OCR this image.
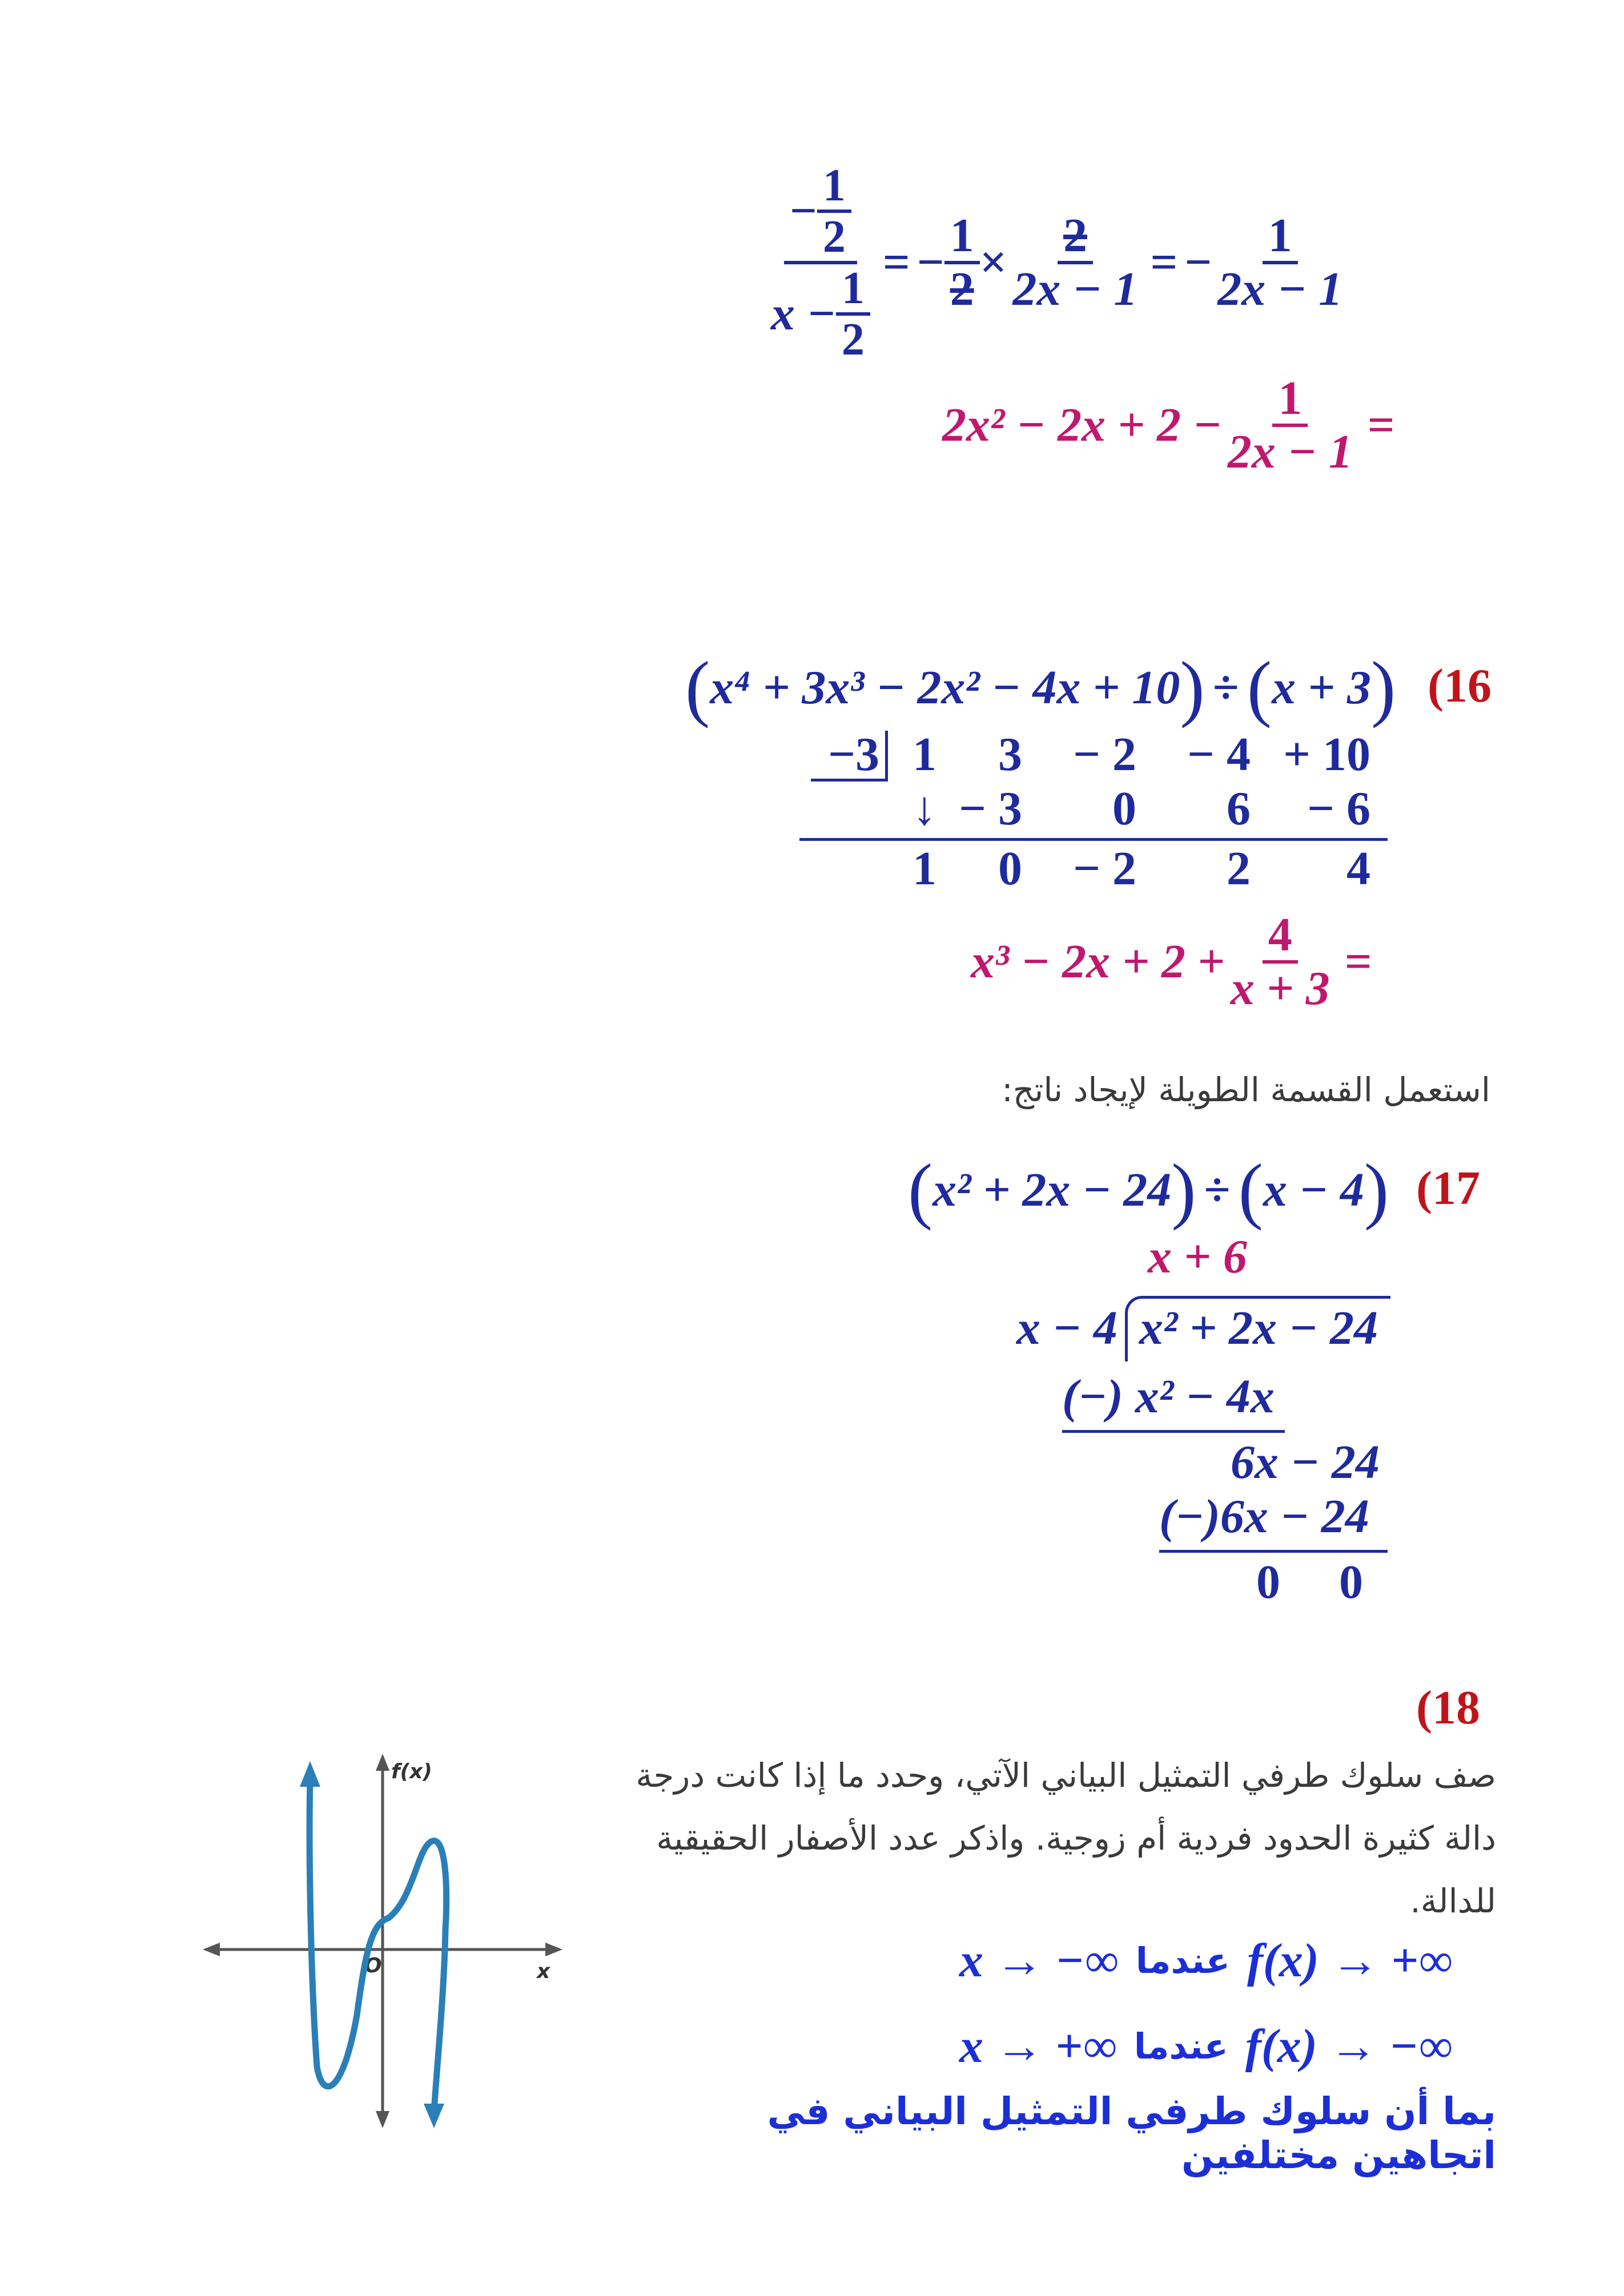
$\frac{- \frac{1}{2}}{x - \frac{1}{2}}$ = − $\frac{1}{2} \times \frac{2}{2x - 1}$ = − $\frac{1}{2x - 1}$
$2x^2 - 2x + 2 - \frac{1}{2x - 1}$ =
( x⁴ + 3x³ − 2x² − 4x + 10 ) ÷ ( x + 3 ) (16
−3 1	3	− 2	− 4 + 10
↓ − 3	0	6	− 6
1	0	− 2	2	4
$x^3 - 2x + 2 + \frac{4}{x + 3}$ =
استعمل القسمة الطويلة لإيجاد ناتج:
( x² + 2x − 24 ) ÷ ( x − 4 ) (17
x + 6
x − 4 x² + 2x − 24
(−) x² − 4x
6x − 24
(−)6x − 24
0 0
(18
صف سلوك طرفي التمثيل البياني الآتي، وحدد ما إذا كانت درجة دالة كثيرة الحدود فردية أم زوجية. واذكر عدد الأصفار الحقيقية للدالة.
f(x)
x
O	x → −∞ عندما f(x) → +∞
x → +∞ عندما f(x) → −∞
بما أن سلوك طرفي التمثيل البياني في اتجاهين مختلفين
